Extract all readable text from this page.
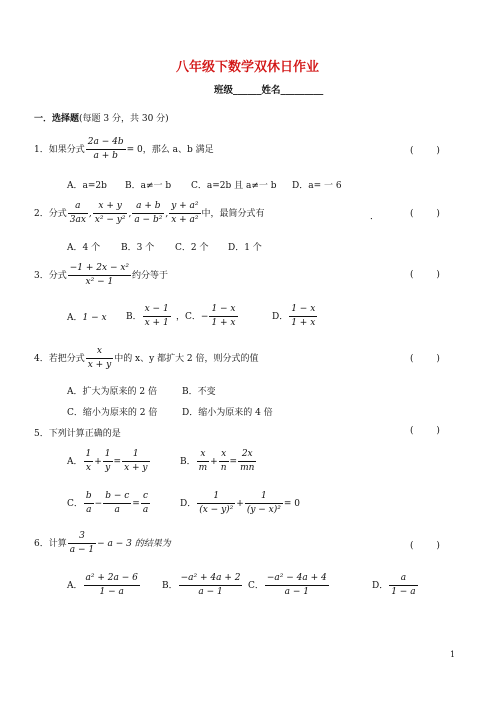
八年级下数学双休日作业
班级______姓名_________
一．选择题(每题 3 分，共 30 分)
1．如果分式 $\frac{2a - 4b}{a + b} = 0$，那么 a、b 满足	(        )
A．a=2b B．a≠一 b C．a=2b 且 a≠一 b D．a= 一 6
2．分式 $\frac{a}{3ax}$ , $\frac{x + y}{\text{x² − y²}}$ , $\frac{a + b}{\text{a − b²}}$ , $\frac{\text{y + a²}}{\text{x + a²}}$ 中，最简分式有	．	(        )
A．4 个 B．3 个 C．2 个 D．1 个
3．分式 $\frac{\text{−1 + 2x − x²}}{\text{x² − 1}}$ 约分等于	(        )
A．1 − x B． $\frac{x - 1}{x + 1}$ ，C．− $\frac{1 - x}{1 + x}$	D． $\frac{1 - x}{1 + x}$
4．若把分式 $\frac{x}{x + y}$ 中的 x、y 都扩大 2 倍，则分式的值	(        )
A．扩大为原来的 2 倍	B．不变
C．缩小为原来的 2 倍	D．缩小为原来的 4 倍
5．下列计算正确的是	(        )
A． $\frac{1}{x} + \frac{1}{y} = \frac{1}{x + y}$	B． $\frac{x}{m} + \frac{x}{n} = \frac{2x}{mn}$
C． $\frac{b}{a} - \frac{b - c}{a} = \frac{c}{a}$	D． $\frac{1}{\text{(x − y)²}} + \frac{1}{\text{(y − x)²}} = 0$
6．计算 $\frac{3}{a - 1} - a - 3$ 的结果为	(        )
A． $\frac{\text{a² + 2a − 6}}{1 - a}$ B． $\frac{\text{−a² + 4a + 2}}{a - 1}$ C． $\frac{\text{−a² − 4a + 4}}{a - 1}$	D． $\frac{a}{1 - a}$
1
